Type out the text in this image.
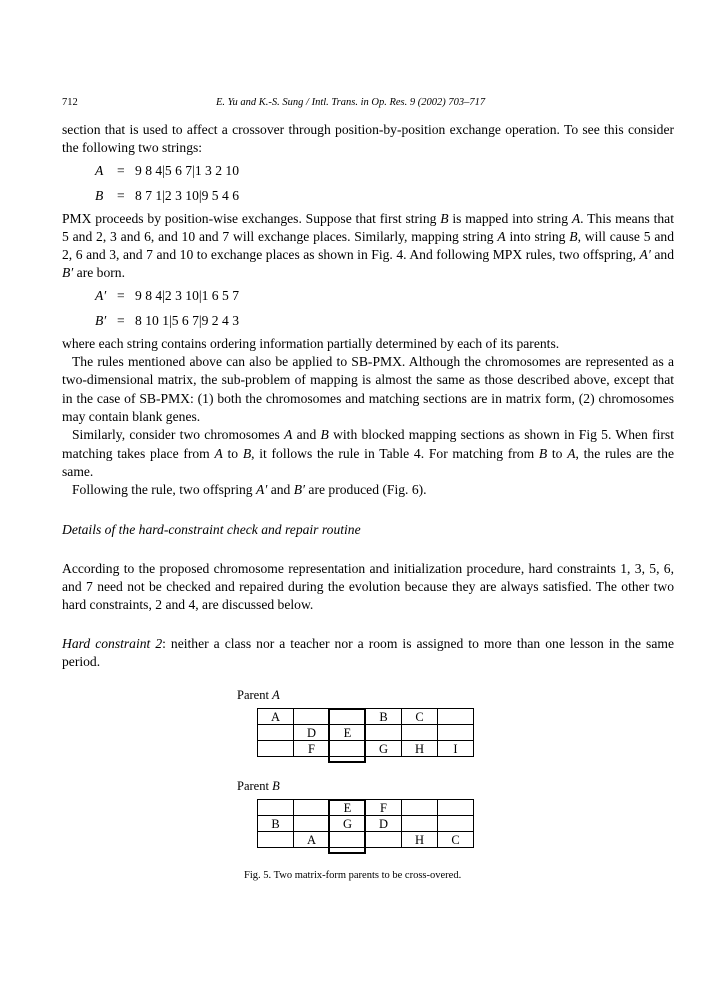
712	E. Yu and K.-S. Sung / Intl. Trans. in Op. Res. 9 (2002) 703–717

section that is used to affect a crossover through position-by-position exchange operation. To see this consider the following two strings:

A = 9 8 4|5 6 7|1 3 2 10
B = 8 7 1|2 3 10|9 5 4 6

PMX proceeds by position-wise exchanges. Suppose that first string B is mapped into string A. This means that 5 and 2, 3 and 6, and 10 and 7 will exchange places. Similarly, mapping string A into string B, will cause 5 and 2, 6 and 3, and 7 and 10 to exchange places as shown in Fig. 4. And following MPX rules, two offspring, A′ and B′ are born.

A′ = 9 8 4|2 3 10|1 6 5 7
B′ = 8 10 1|5 6 7|9 2 4 3

where each string contains ordering information partially determined by each of its parents.

The rules mentioned above can also be applied to SB-PMX. Although the chromosomes are represented as a two-dimensional matrix, the sub-problem of mapping is almost the same as those described above, except that in the case of SB-PMX: (1) both the chromosomes and matching sections are in matrix form, (2) chromosomes may contain blank genes.

Similarly, consider two chromosomes A and B with blocked mapping sections as shown in Fig 5. When first matching takes place from A to B, it follows the rule in Table 4. For matching from B to A, the rules are the same.

Following the rule, two offspring A′ and B′ are produced (Fig. 6).

Details of the hard-constraint check and repair routine

According to the proposed chromosome representation and initialization procedure, hard constraints 1, 3, 5, 6, and 7 need not be checked and repaired during the evolution because they are always satisfied. The other two hard constraints, 2 and 4, are discussed below.

Hard constraint 2: neither a class nor a teacher nor a room is assigned to more than one lesson in the same period.

Parent A
A			B	C	
	D	E			
	F		G	H	I
Parent B
		E	F		
B		G	D		
	A			H	C
Fig. 5. Two matrix-form parents to be cross-overed.
